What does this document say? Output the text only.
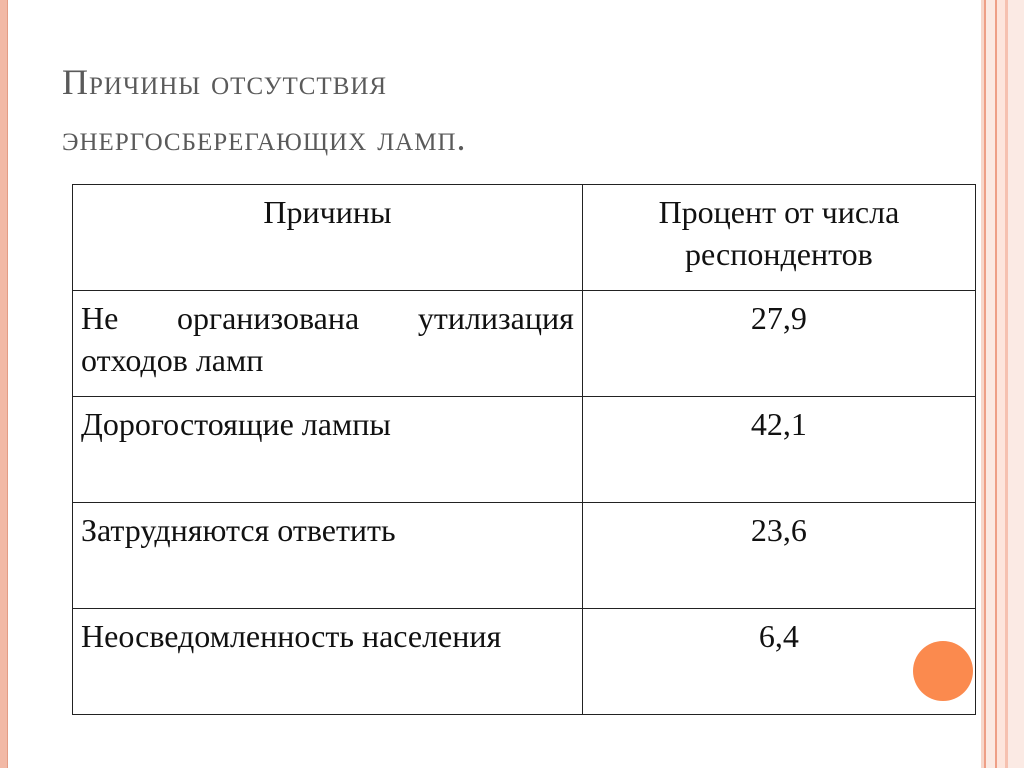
Причины отсутствия
энергосберегающих ламп.
Причины	Процент от числа респондентов
Не организована утилизация отходов ламп	27,9
Дорогостоящие лампы	42,1
Затрудняются ответить	23,6
Неосведомленность населения	6,4
